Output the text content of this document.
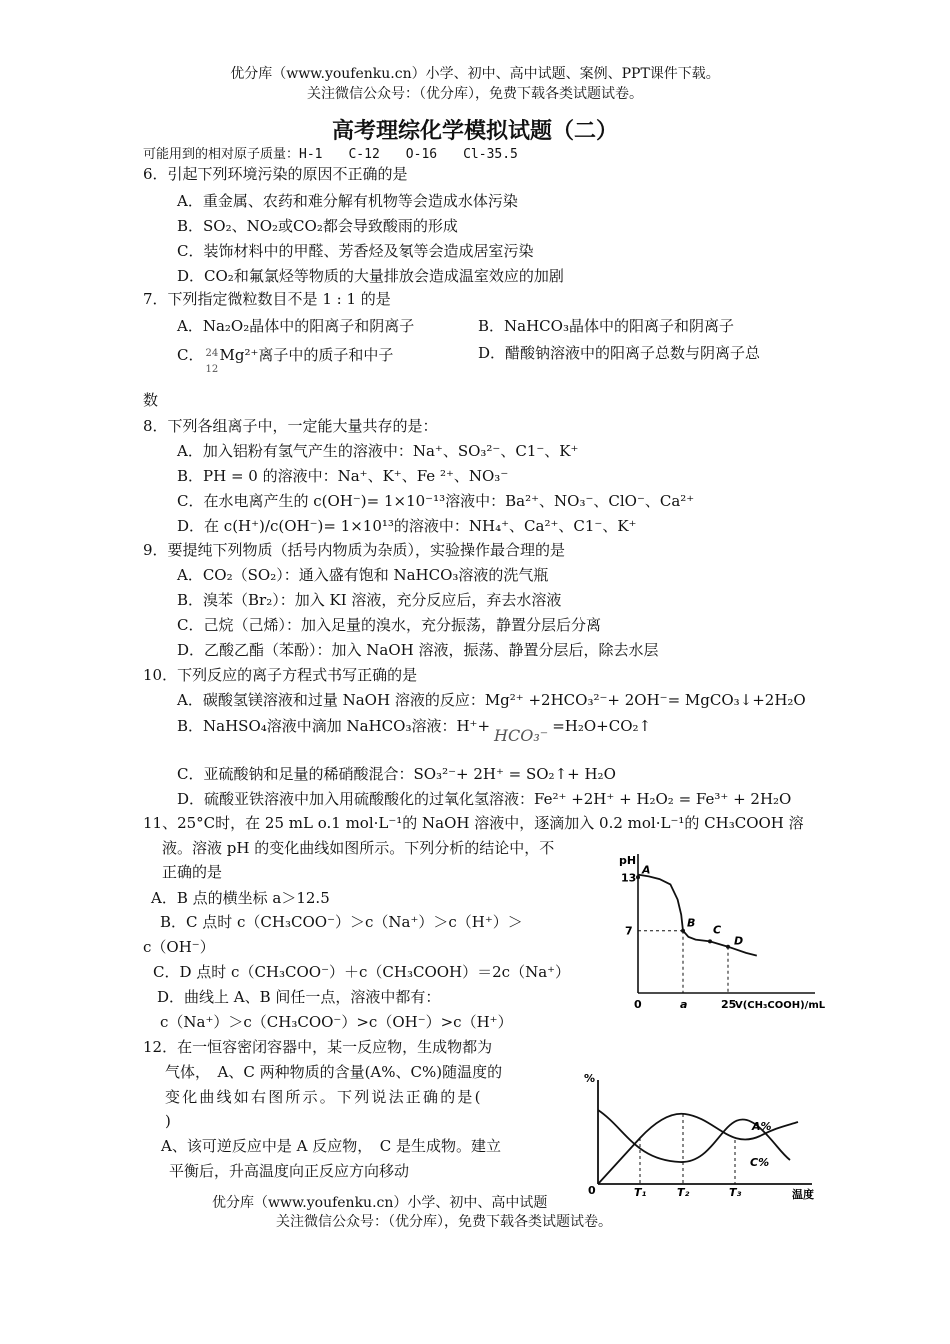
优分库（www.youfenku.cn）小学、初中、高中试题、案例、PPT课件下载。
关注微信公众号：（优分库），免费下载各类试题试卷。
高考理综化学模拟试题（二）
可能用到的相对原子质量：H-1　　C-12　　O-16　　Cl-35.5
6．引起下列环境污染的原因不正确的是
A．重金属、农药和难分解有机物等会造成水体污染
B．SO₂、NO₂或CO₂都会导致酸雨的形成
C．装饰材料中的甲醛、芳香烃及氡等会造成居室污染
D．CO₂和氟氯烃等物质的大量排放会造成温室效应的加剧
7．下列指定微粒数目不是 1 : 1 的是
A．Na₂O₂晶体中的阳离子和阴离子	B．NaHCO₃晶体中的阳离子和阴离子
C． 24
12
Mg²⁺离子中的质子和中子	D．醋酸钠溶液中的阳离子总数与阴离子总
数
8．下列各组离子中，一定能大量共存的是：
A．加入铝粉有氢气产生的溶液中：Na⁺、SO₃²⁻、C1⁻、K⁺
B．PH = 0 的溶液中：Na⁺、K⁺、Fe ²⁺、NO₃⁻
C．在水电离产生的 c(OH⁻)= 1×10⁻¹³溶液中：Ba²⁺、NO₃⁻、ClO⁻、Ca²⁺
D．在 c(H⁺)/c(OH⁻)= 1×10¹³的溶液中：NH₄⁺、Ca²⁺、C1⁻、K⁺
9．要提纯下列物质（括号内物质为杂质），实验操作最合理的是
A．CO₂（SO₂）：通入盛有饱和 NaHCO₃溶液的洗气瓶
B．溴苯（Br₂）：加入 KI 溶液，充分反应后，弃去水溶液
C．己烷（己烯）：加入足量的溴水，充分振荡，静置分层后分离
D．乙酸乙酯（苯酚）：加入 NaOH 溶液，振荡、静置分层后，除去水层
10．下列反应的离子方程式书写正确的是
A．碳酸氢镁溶液和过量 NaOH 溶液的反应：Mg²⁺ +2HCO₃²⁻+ 2OH⁻= MgCO₃↓+2H₂O
B．NaHSO₄溶液中滴加 NaHCO₃溶液：H⁺+ HCO₃⁻ =H₂O+CO₂↑
C．亚硫酸钠和足量的稀硝酸混合：SO₃²⁻+ 2H⁺ = SO₂↑+ H₂O
D．硫酸亚铁溶液中加入用硫酸酸化的过氧化氢溶液：Fe²⁺ +2H⁺ + H₂O₂ = Fe³⁺ + 2H₂O
11、25°C时，在 25 mL o.1 mol·L⁻¹的 NaOH 溶液中，逐滴加入 0.2 mol·L⁻¹的 CH₃COOH 溶
液。溶液 pH 的变化曲线如图所示。下列分析的结论中，不
正确的是
A．B 点的横坐标 a＞12.5
B．C 点时 c（CH₃COO⁻）＞c（Na⁺）＞c（H⁺）＞
c（OH⁻）
C．D 点时 c（CH₃COO⁻）＋c（CH₃COOH）＝2c（Na⁺）
D．曲线上 A、B 间任一点，溶液中都有：
c（Na⁺）＞c（CH₃COO⁻）>c（OH⁻）>c（H⁺）
pH
13
7
0	a	25
V(CH₃COOH)/mL
A
B
C
D
12．在一恒容密闭容器中，某一反应物，生成物都为
气体，　A、C 两种物质的含量(A%、C%)随温度的
变化曲线如右图所示。下列说法正确的是(
)
A、该可逆反应中是 A 反应物，　C 是生成物。建立
平衡后，升高温度向正反应方向移动
%
0	T₁	T₂	T₃	温度
A%
C%
优分库（www.youfenku.cn）小学、初中、高中试题
关注微信公众号：（优分库），免费下载各类试题试卷。
